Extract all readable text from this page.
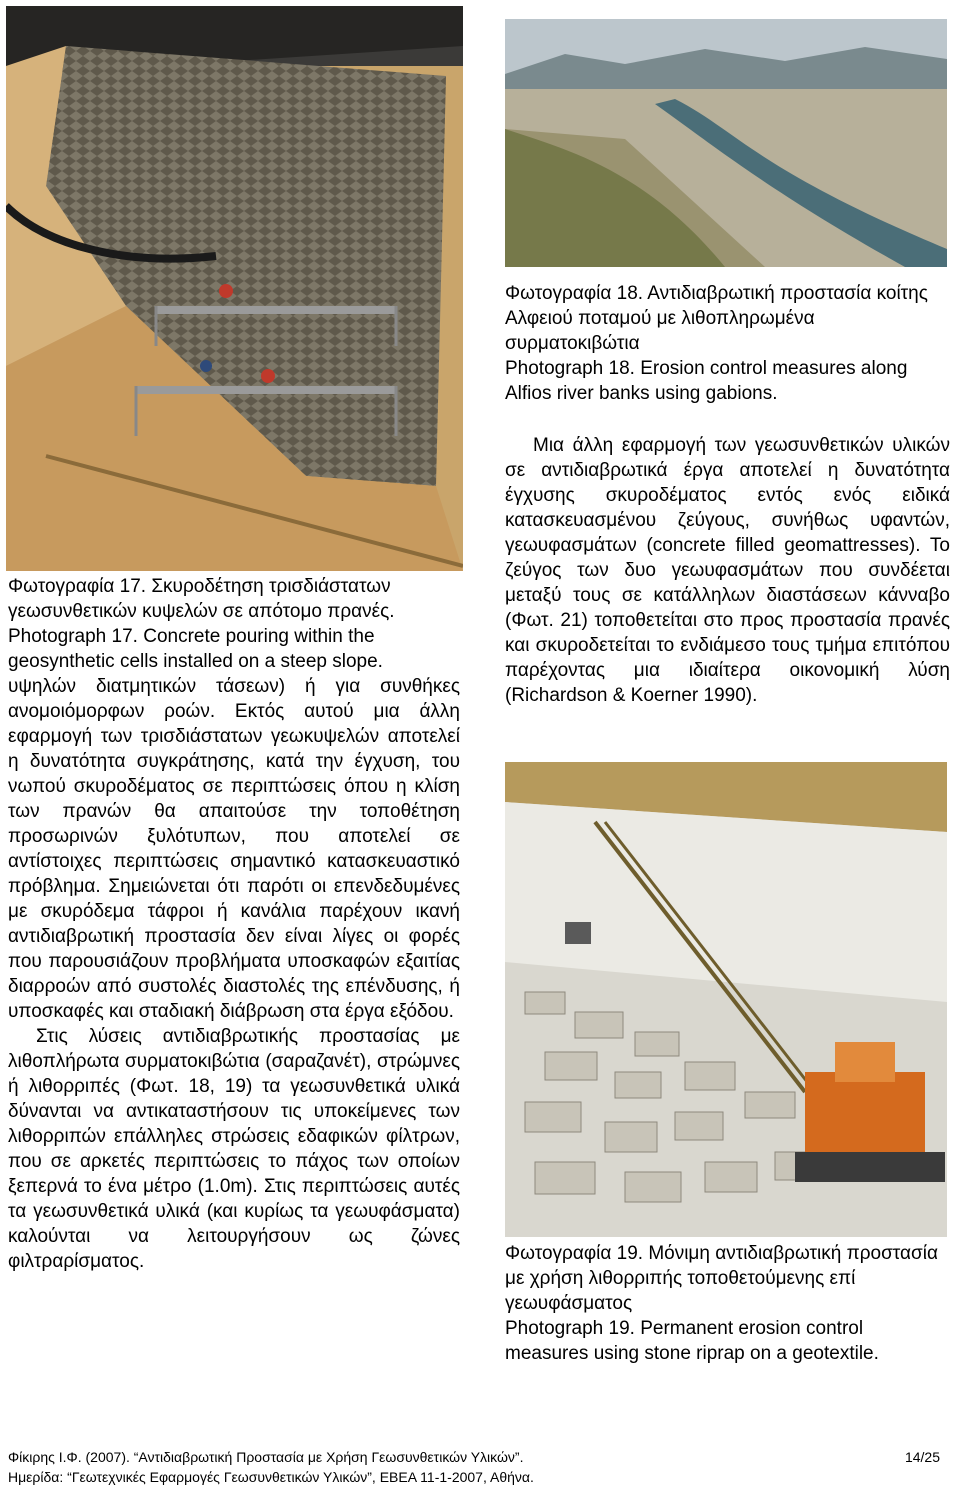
Φωτογραφία 17. Σκυροδέτηση τρισδιάστατων γεωσυνθετικών κυψελών σε απότομο πρανές.

Photograph 17. Concrete pouring within the geosynthetic cells installed on a steep slope.

Φωτογραφία 18. Αντιδιαβρωτική προστασία κοίτης Αλφειού ποταμού με λιθοπληρωμένα συρματοκιβώτια

Photograph 18. Erosion control measures along Alfios river banks using gabions.

Φωτογραφία 19. Μόνιμη αντιδιαβρωτική προστασία με χρήση λιθορριπής τοποθετούμενης επί γεωυφάσματος

Photograph 19. Permanent erosion control measures using stone riprap on a geotextile.

υψηλών διατμητικών τάσεων) ή για συνθήκες ανομοιόμορφων ροών. Εκτός αυτού μια άλλη εφαρμογή των τρισδιάστατων γεωκυψελών αποτελεί η δυνατότητα συγκράτησης, κατά την έγχυση, του νωπού σκυροδέματος σε περιπτώσεις όπου η κλίση των πρανών θα απαιτούσε την τοποθέτηση προσωρινών ξυλότυπων, που αποτελεί σε αντίστοιχες περιπτώσεις σημαντικό κατασκευαστικό πρόβλημα. Σημειώνεται ότι παρότι οι επενδεδυμένες με σκυρόδεμα τάφροι ή κανάλια παρέχουν ικανή αντιδιαβρωτική προστασία δεν είναι λίγες οι φορές που παρουσιάζουν προβλήματα υποσκαφών εξαιτίας διαρροών από συστολές διαστολές της επένδυσης, ή υποσκαφές και σταδιακή διάβρωση στα έργα εξόδου.

Στις λύσεις αντιδιαβρωτικής προστασίας με λιθοπλήρωτα συρματοκιβώτια (σαραζανέτ), στρώμνες ή λιθορριπές (Φωτ. 18, 19) τα γεωσυνθετικά υλικά δύνανται να αντικαταστήσουν τις υποκείμενες των λιθορριπών επάλληλες στρώσεις εδαφικών φίλτρων, που σε αρκετές περιπτώσεις το πάχος των οποίων ξεπερνά το ένα μέτρο (1.0m). Στις περιπτώσεις αυτές τα γεωσυνθετικά υλικά (και κυρίως τα γεωυφάσματα) καλούνται να λειτουργήσουν ως ζώνες φιλτραρίσματος.

Μια άλλη εφαρμογή των γεωσυνθετικών υλικών σε αντιδιαβρωτικά έργα αποτελεί η δυνατότητα έγχυσης σκυροδέματος εντός ενός ειδικά κατασκευασμένου ζεύγους, συνήθως υφαντών, γεωυφασμάτων (concrete filled geomattresses). Το ζεύγος των δυο γεωυφασμάτων που συνδέεται μεταξύ τους σε κατάλληλων διαστάσεων κάνναβο (Φωτ. 21) τοποθετείται στο προς προστασία πρανές και σκυροδετείται το ενδιάμεσο τους τμήμα επιτόπου παρέχοντας μια ιδιαίτερα οικονομική λύση (Richardson & Koerner 1990).

Φίκιρης Ι.Φ. (2007). “Αντιδιαβρωτική Προστασία με Χρήση Γεωσυνθετικών Υλικών”.	14/25
Ημερίδα: “Γεωτεχνικές Εφαρμογές Γεωσυνθετικών Υλικών”, ΕΒΕΑ 11-1-2007, Αθήνα.
